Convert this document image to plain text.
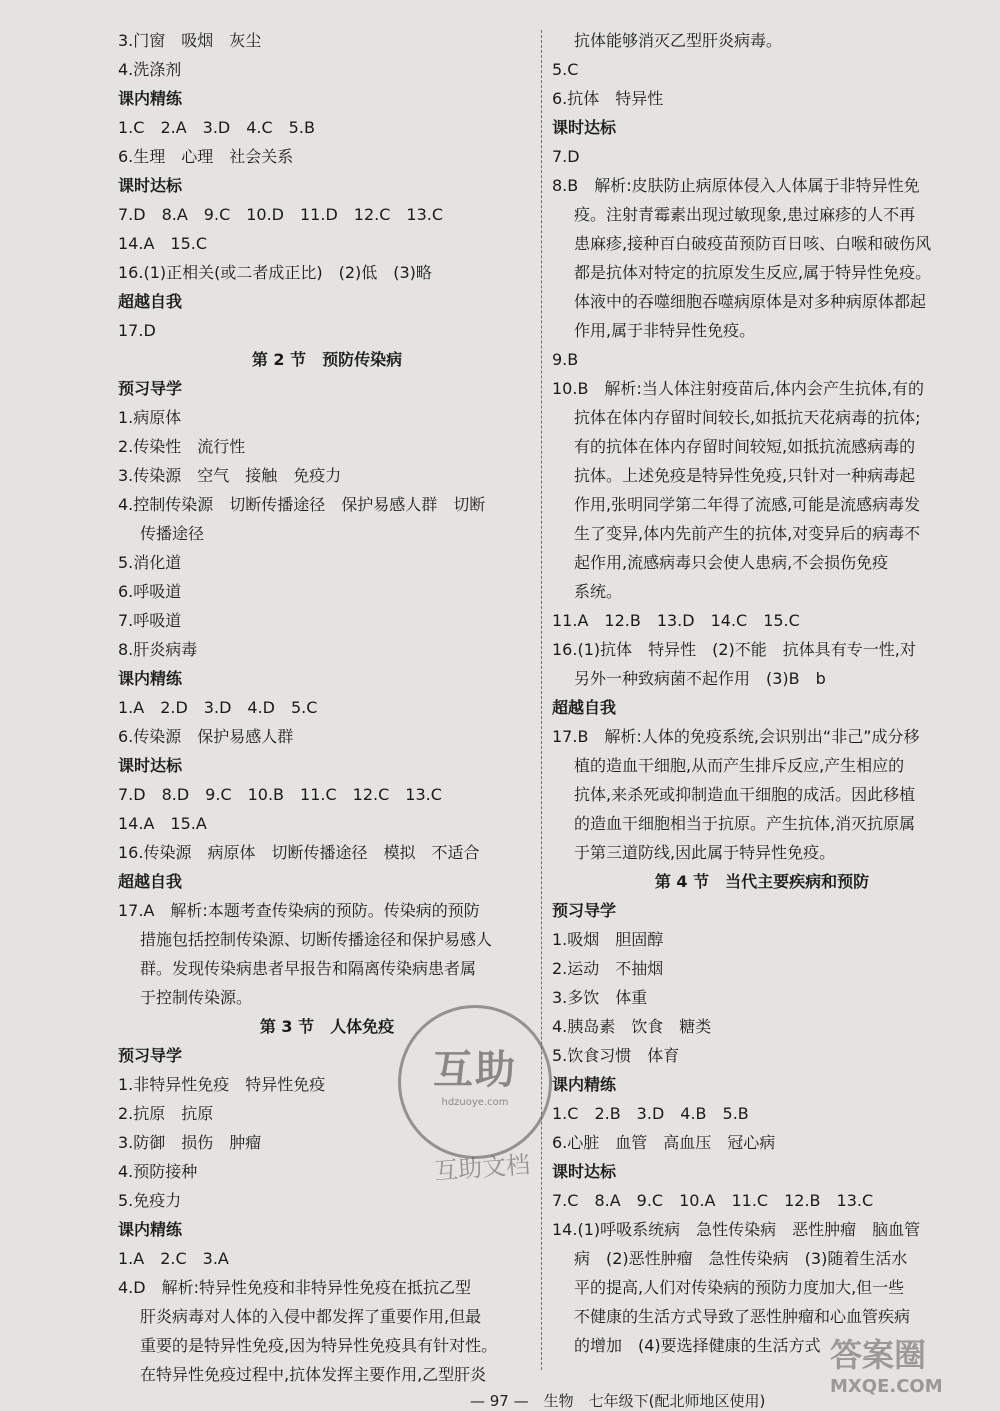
3.门窗　吸烟　灰尘
4.洗涤剂
课内精练
1.C　2.A　3.D　4.C　5.B
6.生理　心理　社会关系
课时达标
7.D　8.A　9.C　10.D　11.D　12.C　13.C
14.A　15.C
16.(1)正相关(或二者成正比)　(2)低　(3)略
超越自我
17.D
第 2 节　预防传染病
预习导学
1.病原体
2.传染性　流行性
3.传染源　空气　接触　免疫力
4.控制传染源　切断传播途径　保护易感人群　切断
传播途径
5.消化道
6.呼吸道
7.呼吸道
8.肝炎病毒
课内精练
1.A　2.D　3.D　4.D　5.C
6.传染源　保护易感人群
课时达标
7.D　8.D　9.C　10.B　11.C　12.C　13.C
14.A　15.A
16.传染源　病原体　切断传播途径　模拟　不适合
超越自我
17.A　解析:本题考查传染病的预防。传染病的预防
措施包括控制传染源、切断传播途径和保护易感人
群。发现传染病患者早报告和隔离传染病患者属
于控制传染源。
第 3 节　人体免疫
预习导学
1.非特异性免疫　特异性免疫
2.抗原　抗原
3.防御　损伤　肿瘤
4.预防接种
5.免疫力
课内精练
1.A　2.C　3.A
4.D　解析:特异性免疫和非特异性免疫在抵抗乙型
肝炎病毒对人体的入侵中都发挥了重要作用,但最
重要的是特异性免疫,因为特异性免疫具有针对性。
在特异性免疫过程中,抗体发挥主要作用,乙型肝炎
抗体能够消灭乙型肝炎病毒。
5.C
6.抗体　特异性
课时达标
7.D
8.B　解析:皮肤防止病原体侵入人体属于非特异性免
疫。注射青霉素出现过敏现象,患过麻疹的人不再
患麻疹,接种百白破疫苗预防百日咳、白喉和破伤风
都是抗体对特定的抗原发生反应,属于特异性免疫。
体液中的吞噬细胞吞噬病原体是对多种病原体都起
作用,属于非特异性免疫。
9.B
10.B　解析:当人体注射疫苗后,体内会产生抗体,有的
抗体在体内存留时间较长,如抵抗天花病毒的抗体;
有的抗体在体内存留时间较短,如抵抗流感病毒的
抗体。上述免疫是特异性免疫,只针对一种病毒起
作用,张明同学第二年得了流感,可能是流感病毒发
生了变异,体内先前产生的抗体,对变异后的病毒不
起作用,流感病毒只会使人患病,不会损伤免疫
系统。
11.A　12.B　13.D　14.C　15.C
16.(1)抗体　特异性　(2)不能　抗体具有专一性,对
另外一种致病菌不起作用　(3)B　b
超越自我
17.B　解析:人体的免疫系统,会识别出“非己”成分移
植的造血干细胞,从而产生排斥反应,产生相应的
抗体,来杀死或抑制造血干细胞的成活。因此移植
的造血干细胞相当于抗原。产生抗体,消灭抗原属
于第三道防线,因此属于特异性免疫。
第 4 节　当代主要疾病和预防
预习导学
1.吸烟　胆固醇
2.运动　不抽烟
3.多饮　体重
4.胰岛素　饮食　糖类
5.饮食习惯　体育
课内精练
1.C　2.B　3.D　4.B　5.B
6.心脏　血管　高血压　冠心病
课时达标
7.C　8.A　9.C　10.A　11.C　12.B　13.C
14.(1)呼吸系统病　急性传染病　恶性肿瘤　脑血管
病　(2)恶性肿瘤　急性传染病　(3)随着生活水
平的提高,人们对传染病的预防力度加大,但一些
不健康的生活方式导致了恶性肿瘤和心血管疾病
的增加　(4)要选择健康的生活方式
互助
hdzuoye.com
互助文档
答案圈
MXQE.COM
— 97 —　生物　七年级下(配北师地区使用)
